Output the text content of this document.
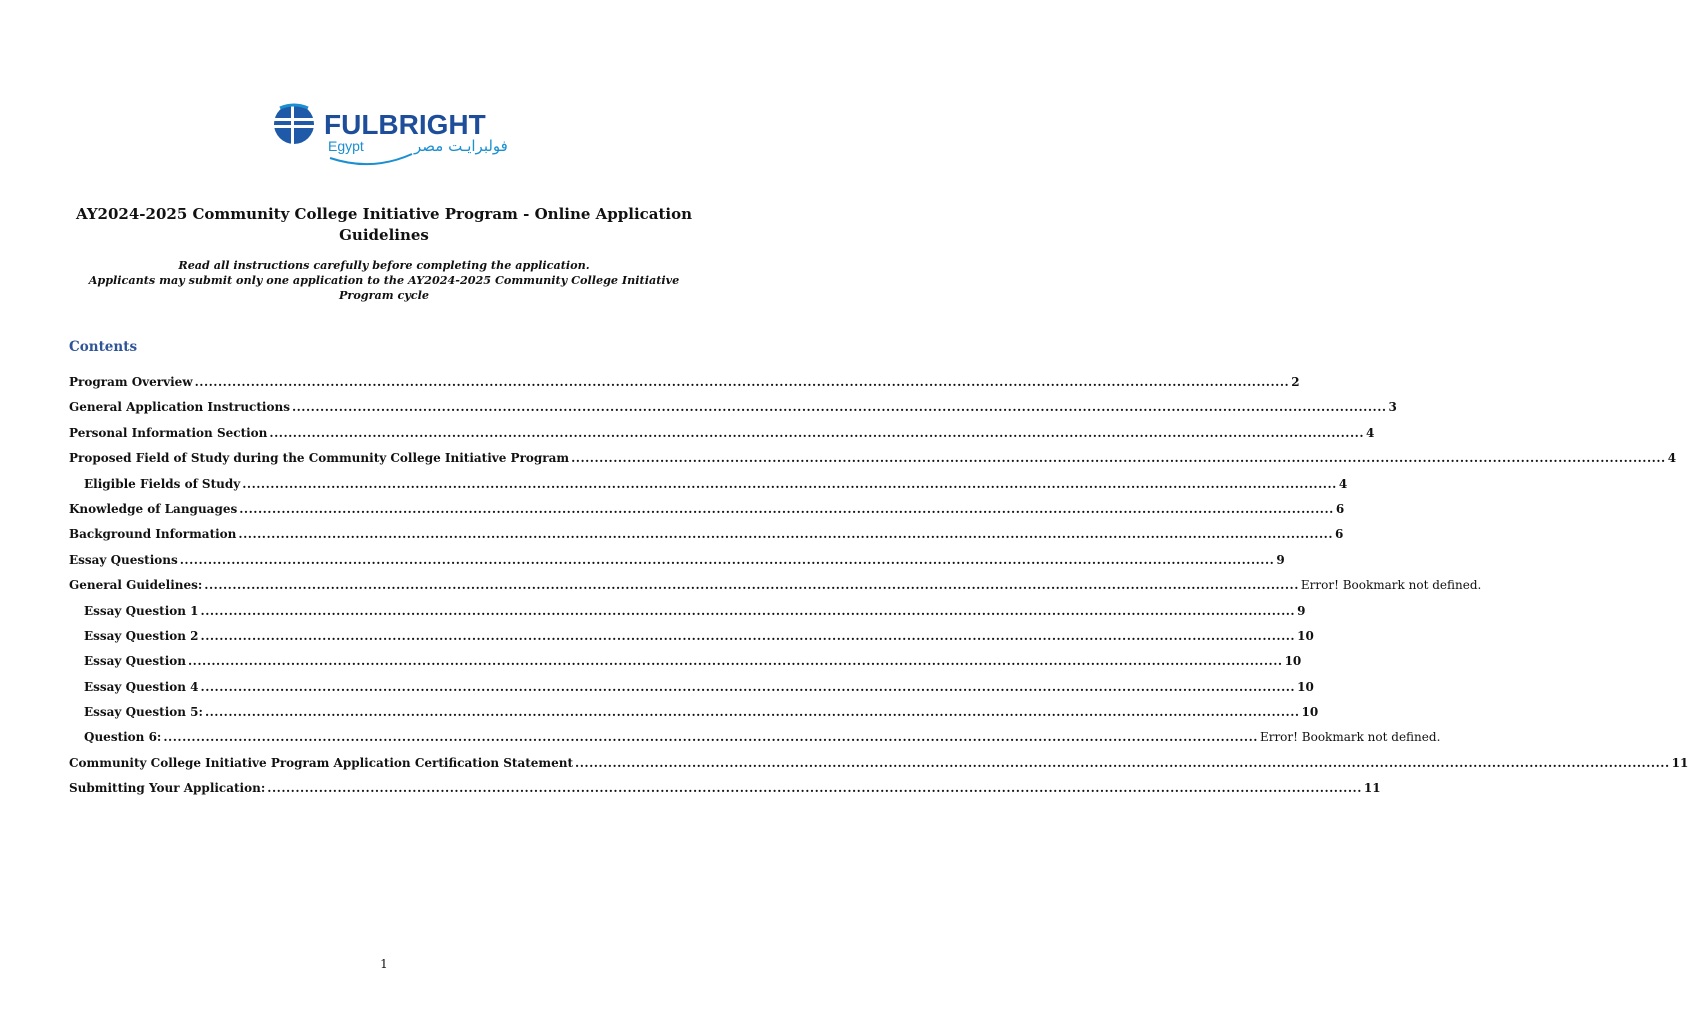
FULBRIGHT
Egypt	فولبرايـت مصر
AY2024-2025 Community College Initiative Program - Online Application Guidelines
Read all instructions carefully before completing the application.
Applicants may submit only one application to the AY2024-2025 Community College Initiative Program cycle
Contents
Program Overview .....	2
General Application Instructions .....	3
Personal Information Section .....	4
Proposed Field of Study during the Community College Initiative Program .....	4
Eligible Fields of Study .....	4
Knowledge of Languages .....	6
Background Information .....	6
Essay Questions .....	9
General Guidelines: .....	Error! Bookmark not defined.
Essay Question 1 .....	9
Essay Question 2 .....	10
Essay Question .....	10
Essay Question 4 .....	10
Essay Question 5: .....	10
Question 6: .....	Error! Bookmark not defined.
Community College Initiative Program Application Certification Statement .....	11
Submitting Your Application: .....	11
1
